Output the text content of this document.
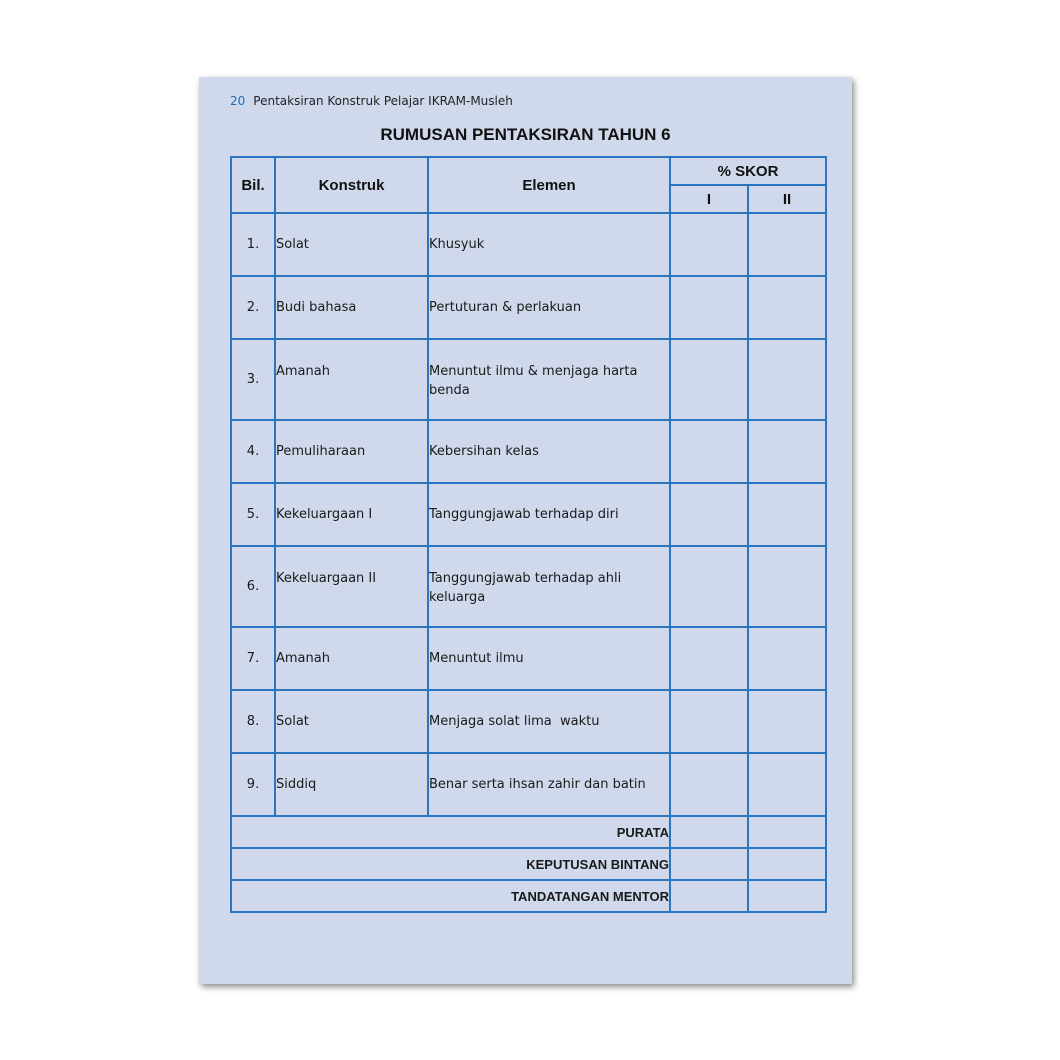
20 Pentaksiran Konstruk Pelajar IKRAM-Musleh
RUMUSAN PENTAKSIRAN TAHUN 6
Bil.	Konstruk	Elemen	% SKOR	
			I	II
1.	Solat	Khusyuk		
2.	Budi bahasa	Pertuturan & perlakuan		
3.	Amanah	Menuntut ilmu & menjaga harta benda		

4.	Pemuliharaan	Kebersihan kelas		
5.	Kekeluargaan I	Tanggungjawab terhadap diri		
6.	Kekeluargaan II	Tanggungjawab terhadap ahli keluarga		

7.	Amanah	Menuntut ilmu		
8.	Solat	Menjaga solat lima  waktu		
9.	Siddiq	Benar serta ihsan zahir dan batin		
PURATA				
KEPUTUSAN BINTANG				
TANDATANGAN MENTOR				
